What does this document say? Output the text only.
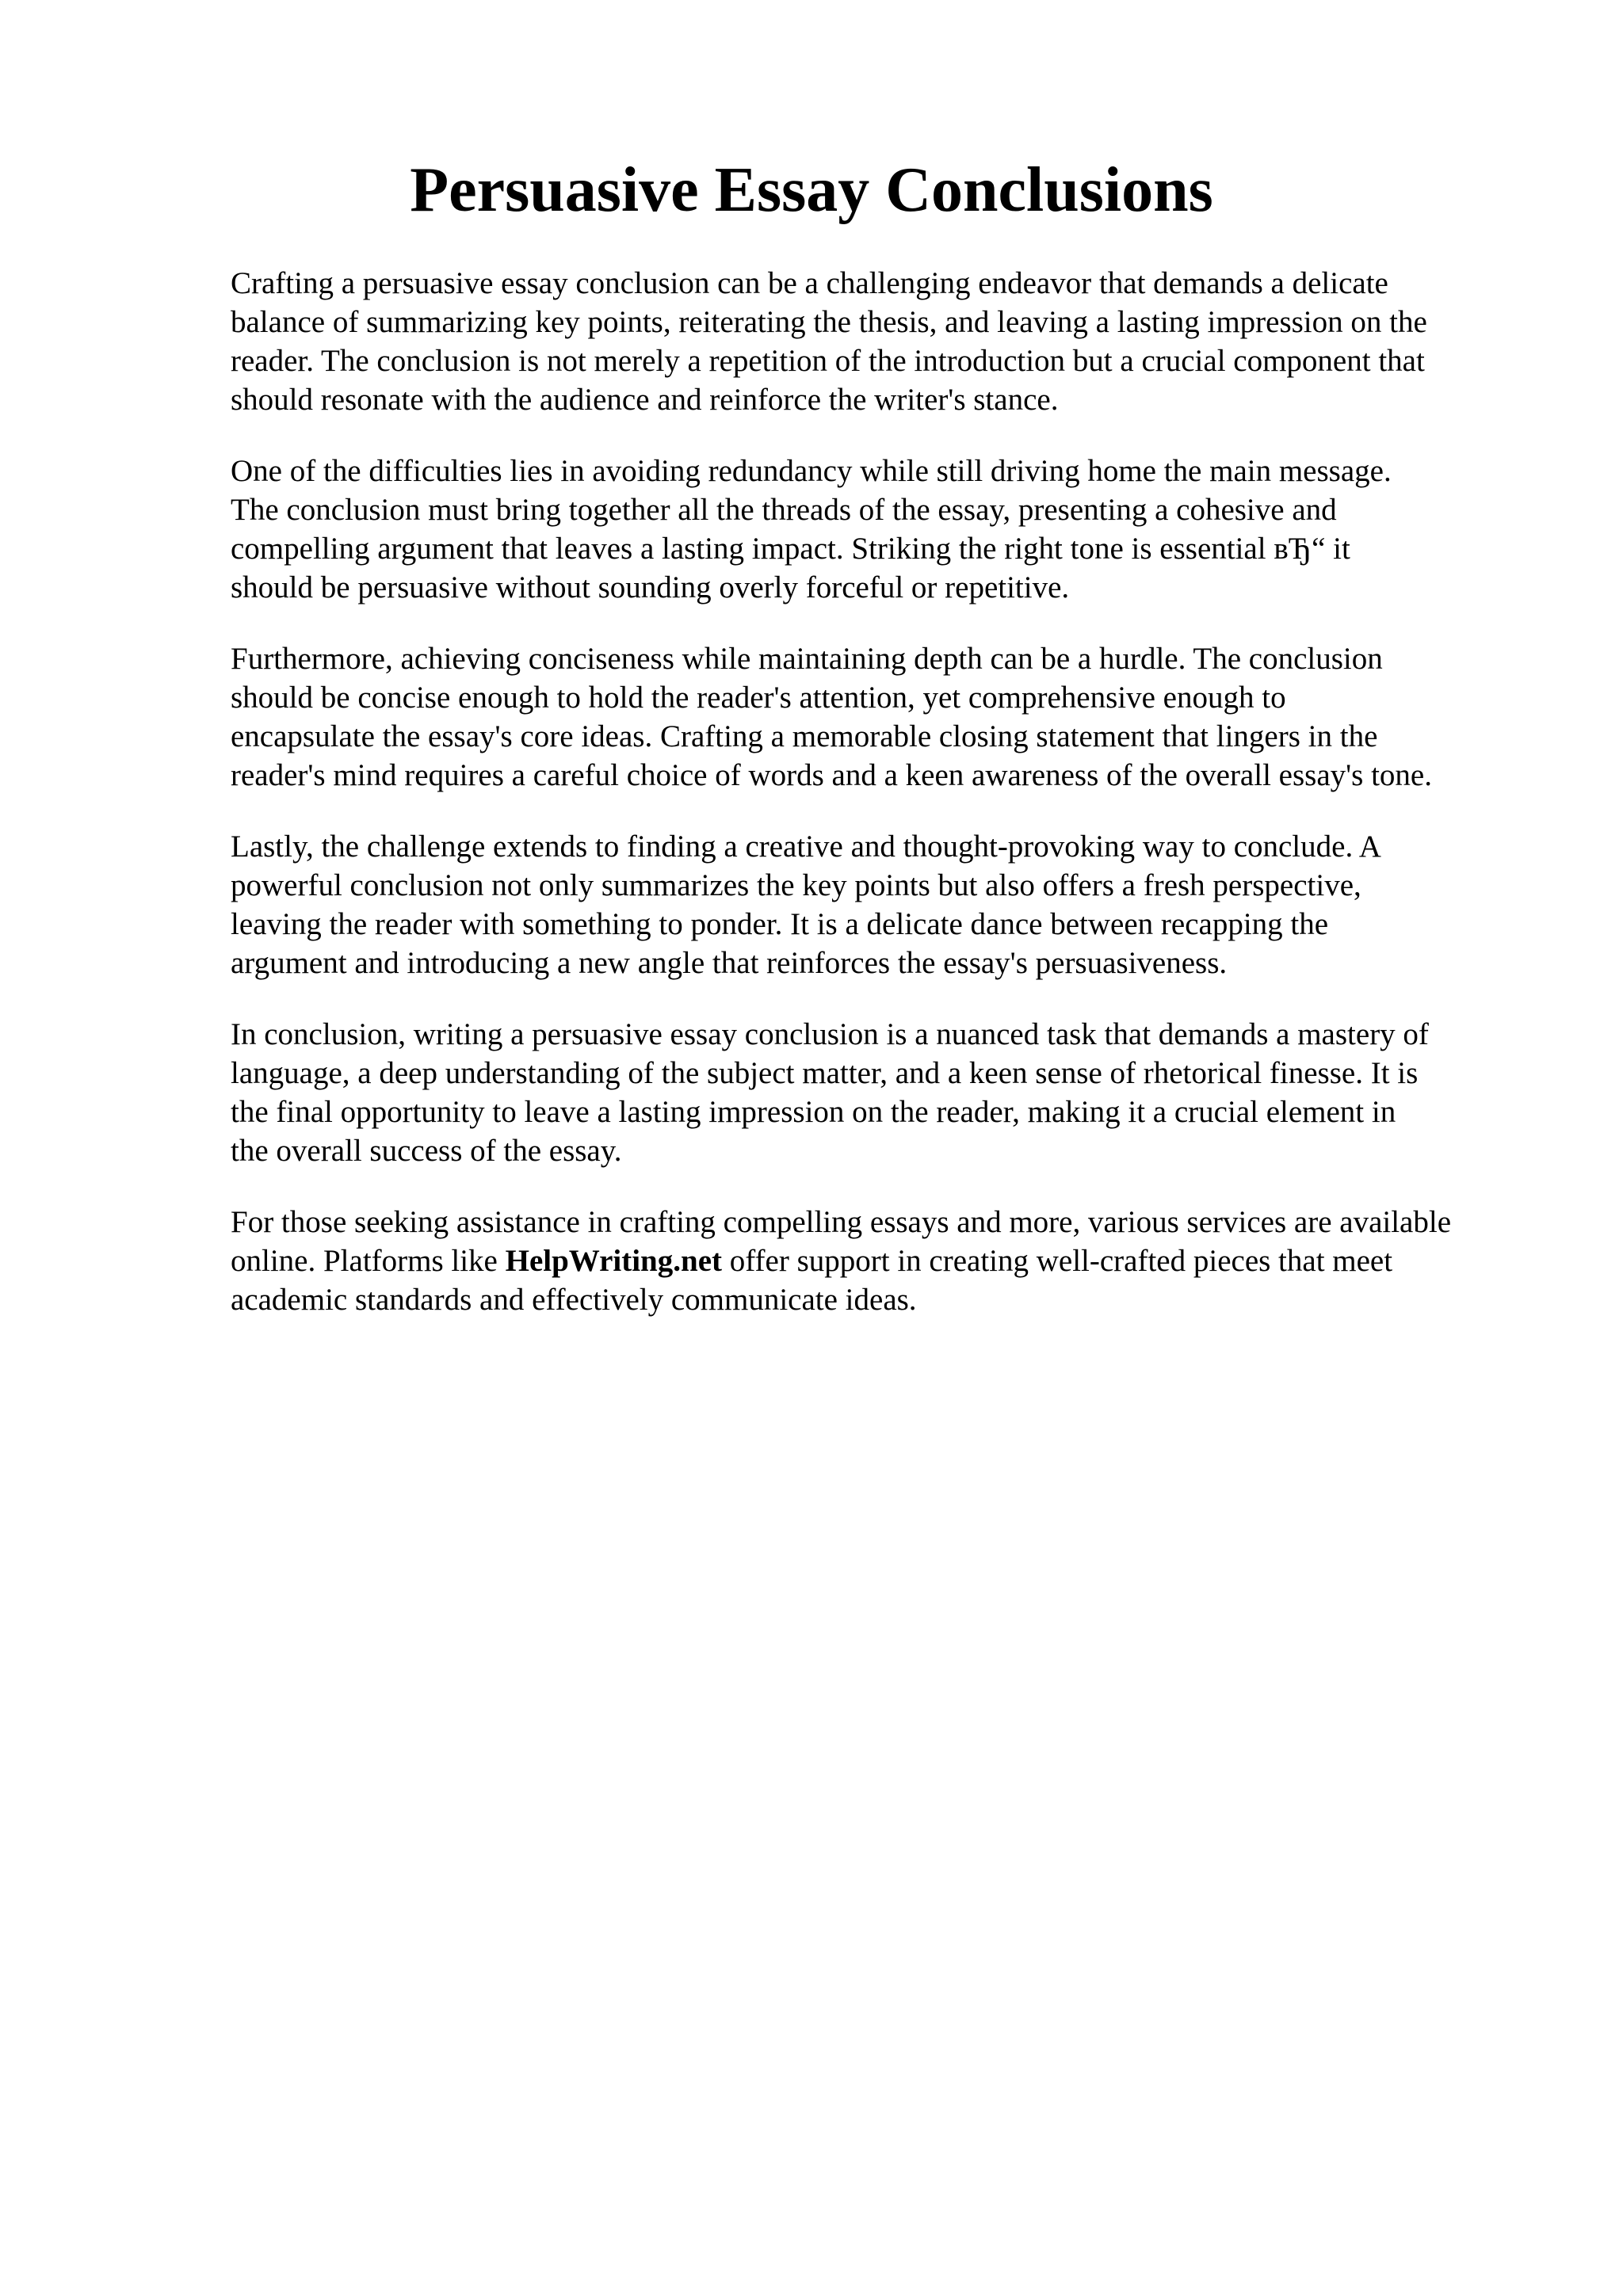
Persuasive Essay Conclusions

Crafting a persuasive essay conclusion can be a challenging endeavor that demands a delicate
balance of summarizing key points, reiterating the thesis, and leaving a lasting impression on the
reader. The conclusion is not merely a repetition of the introduction but a crucial component that
should resonate with the audience and reinforce the writer's stance.

One of the difficulties lies in avoiding redundancy while still driving home the main message.
The conclusion must bring together all the threads of the essay, presenting a cohesive and
compelling argument that leaves a lasting impact. Striking the right tone is essential вЂ“ it
should be persuasive without sounding overly forceful or repetitive.

Furthermore, achieving conciseness while maintaining depth can be a hurdle. The conclusion
should be concise enough to hold the reader's attention, yet comprehensive enough to
encapsulate the essay's core ideas. Crafting a memorable closing statement that lingers in the
reader's mind requires a careful choice of words and a keen awareness of the overall essay's tone.

Lastly, the challenge extends to finding a creative and thought-provoking way to conclude. A
powerful conclusion not only summarizes the key points but also offers a fresh perspective,
leaving the reader with something to ponder. It is a delicate dance between recapping the
argument and introducing a new angle that reinforces the essay's persuasiveness.

In conclusion, writing a persuasive essay conclusion is a nuanced task that demands a mastery of
language, a deep understanding of the subject matter, and a keen sense of rhetorical finesse. It is
the final opportunity to leave a lasting impression on the reader, making it a crucial element in
the overall success of the essay.

For those seeking assistance in crafting compelling essays and more, various services are available
online. Platforms like HelpWriting.net offer support in creating well-crafted pieces that meet
academic standards and effectively communicate ideas.
